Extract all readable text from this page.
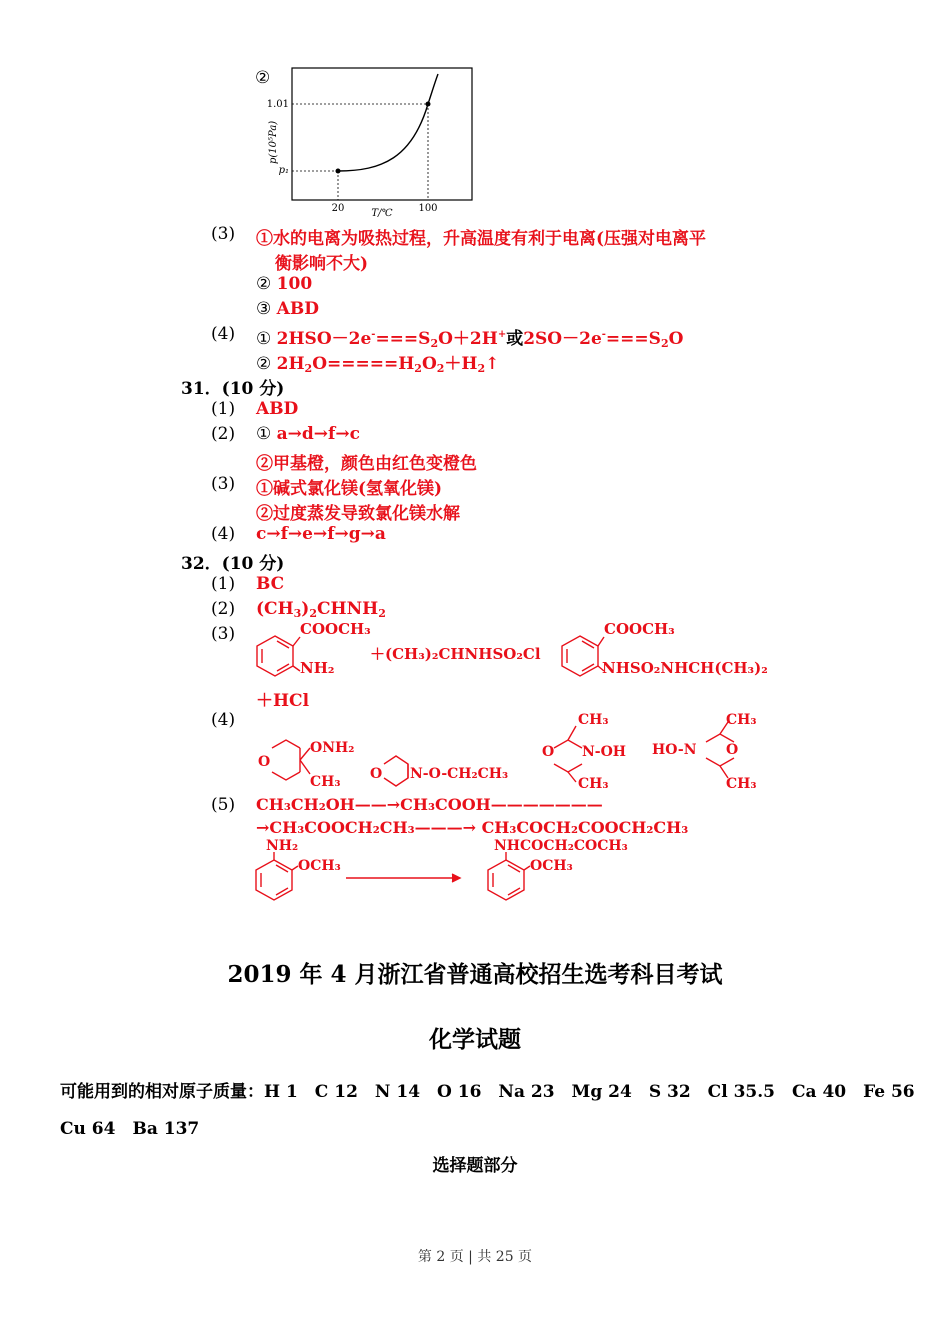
②
1.01
p₁
20	100
T/℃
p(10⁵Pa)
(3) ①水的电离为吸热过程，升高温度有利于电离(压强对电离平
衡影响不大)
② 100
③ ABD
(4) ① $2HSO-2e^-===S_2O+2H^+$或$2SO-2e^-===S_2O$
② $2H_2O=====H_2O_2+H_2↑$
31．(10 分)
(1) ABD
(2) ① a→d→f→c
②甲基橙，颜色由红色变橙色
(3) ①碱式氯化镁(氢氧化镁)
②过度蒸发导致氯化镁水解
(4) c→f→e→f→g→a
32．(10 分)
(1) BC
(2) $(CH_3)_2CHNH_2$
(3)	COOCH₃
NH₂
＋(CH₃)₂CHNHSO₂Cl
COOCH₃
NHSO₂NHCH(CH₃)₂
＋HCl
(4)
O
ONH₂
CH₃ O N-O-CH₂CH₃
CH₃
O N-OH
CH₃
HO-N O
CH₃
CH₃
(5) CH₃CH₂OH——→CH₃COOH———————
→CH₃COOCH₂CH₃———→ CH₃COCH₂COOCH₂CH₃
NH₂
OCH₃
NHCOCH₂COCH₃
OCH₃
2019 年 4 月浙江省普通高校招生选考科目考试
化学试题
可能用到的相对原子质量：H 1　C 12　N 14　O 16　Na 23　Mg 24　S 32　Cl 35.5　Ca 40　Fe 56
Cu 64　Ba 137
选择题部分
第 2 页 | 共 25 页
